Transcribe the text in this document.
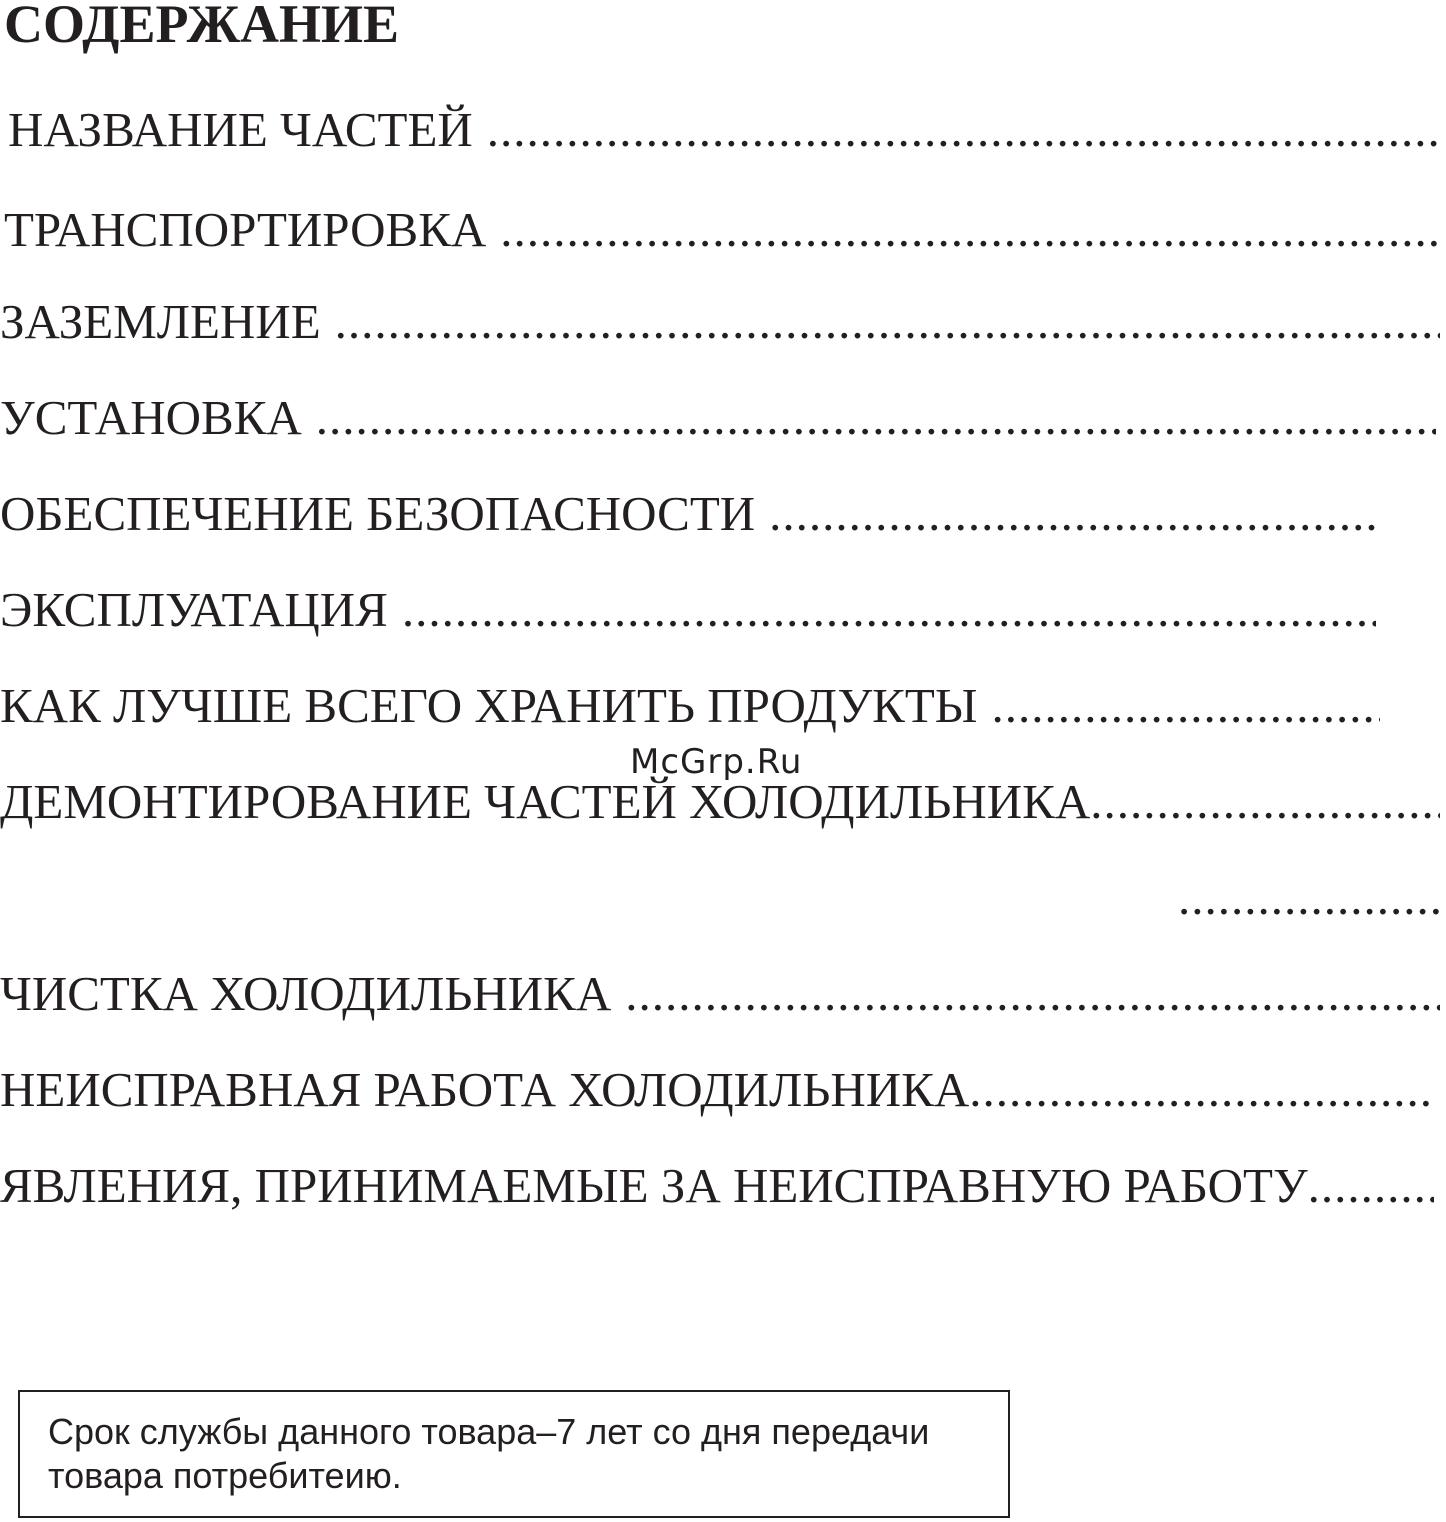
СОДЕРЖАНИЕ
НАЗВАНИЕ ЧАСТЕЙ
.....
ТРАНСПОРТИРОВКА
.....
ЗАЗЕМЛЕНИЕ
.....
УСТАНОВКА
.....
ОБЕСПЕЧЕНИЕ БЕЗОПАСНОСТИ
.....
ЭКСПЛУАТАЦИЯ
.....
КАК ЛУЧШЕ ВСЕГО ХРАНИТЬ ПРОДУКТЫ
.....
ДЕМОНТИРОВАНИЕ ЧАСТЕЙ ХОЛОДИЛЬНИКА
.....
.....
ЧИСТКА ХОЛОДИЛЬНИКА
.....
НЕИСПРАВНАЯ РАБОТА ХОЛОДИЛЬНИКА
.....
ЯВЛЕНИЯ, ПРИНИМАЕМЫЕ ЗА НЕИСПРАВНУЮ РАБОТУ
.....
McGrp.Ru

Срок службы данного товара–7 лет со дня передачи товара потребитеию.
